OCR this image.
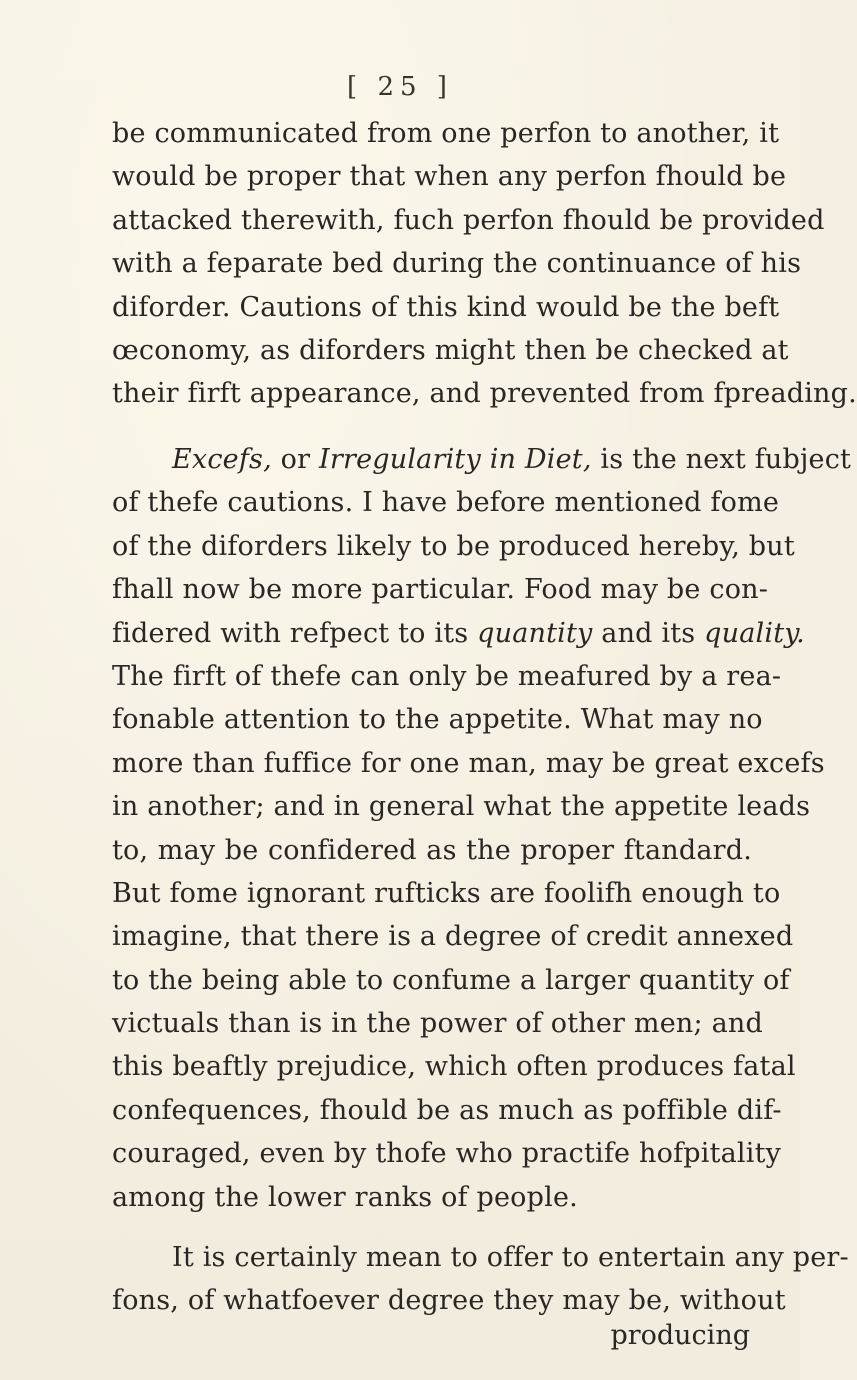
[ 25 ]
be communicated from one perfon to another, it
would be proper that when any perfon fhould be
attacked therewith, fuch perfon fhould be provided
with a feparate bed during the continuance of his
diforder. Cautions of this kind would be the beft
œconomy, as diforders might then be checked at
their firft appearance, and prevented from fpreading.
Excefs, or Irregularity in Diet, is the next fubject
of thefe cautions. I have before mentioned fome
of the diforders likely to be produced hereby, but
fhall now be more particular. Food may be con-
fidered with refpect to its quantity and its quality.
The firft of thefe can only be meafured by a rea-
fonable attention to the appetite. What may no
more than fuffice for one man, may be great excefs
in another; and in general what the appetite leads
to, may be confidered as the proper ftandard.
But fome ignorant rufticks are foolifh enough to
imagine, that there is a degree of credit annexed
to the being able to confume a larger quantity of
victuals than is in the power of other men; and
this beaftly prejudice, which often produces fatal
confequences, fhould be as much as poffible dif-
couraged, even by thofe who practife hofpitality
among the lower ranks of people.
It is certainly mean to offer to entertain any per-
fons, of whatfoever degree they may be, without
producing
